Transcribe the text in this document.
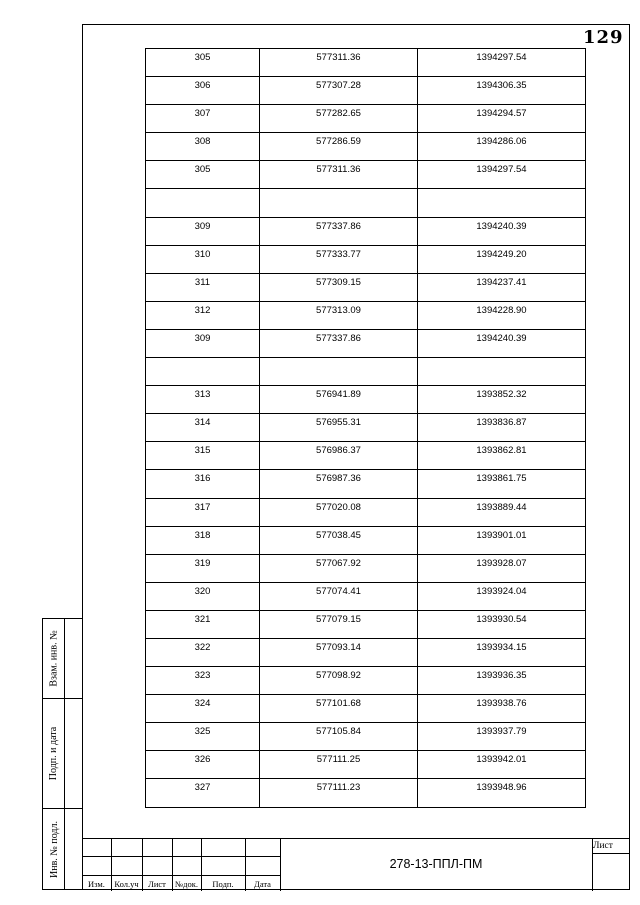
129
Взам. инв. №
Подп. и дата
Инв. № подл.
305	577311.36	1394297.54
306	577307.28	1394306.35
307	577282.65	1394294.57
308	577286.59	1394286.06
305	577311.36	1394297.54

309	577337.86	1394240.39
310	577333.77	1394249.20
311	577309.15	1394237.41
312	577313.09	1394228.90
309	577337.86	1394240.39

313	576941.89	1393852.32
314	576955.31	1393836.87
315	576986.37	1393862.81
316	576987.36	1393861.75
317	577020.08	1393889.44
318	577038.45	1393901.01
319	577067.92	1393928.07
320	577074.41	1393924.04
321	577079.15	1393930.54
322	577093.14	1393934.15
323	577098.92	1393936.35
324	577101.68	1393938.76
325	577105.84	1393937.79
326	577111.25	1393942.01
327	577111.23	1393948.96
Изм.	Кол.уч	Лист	№док.	Подп.	Дата
278-13-ППЛ-ПМ
Лист
